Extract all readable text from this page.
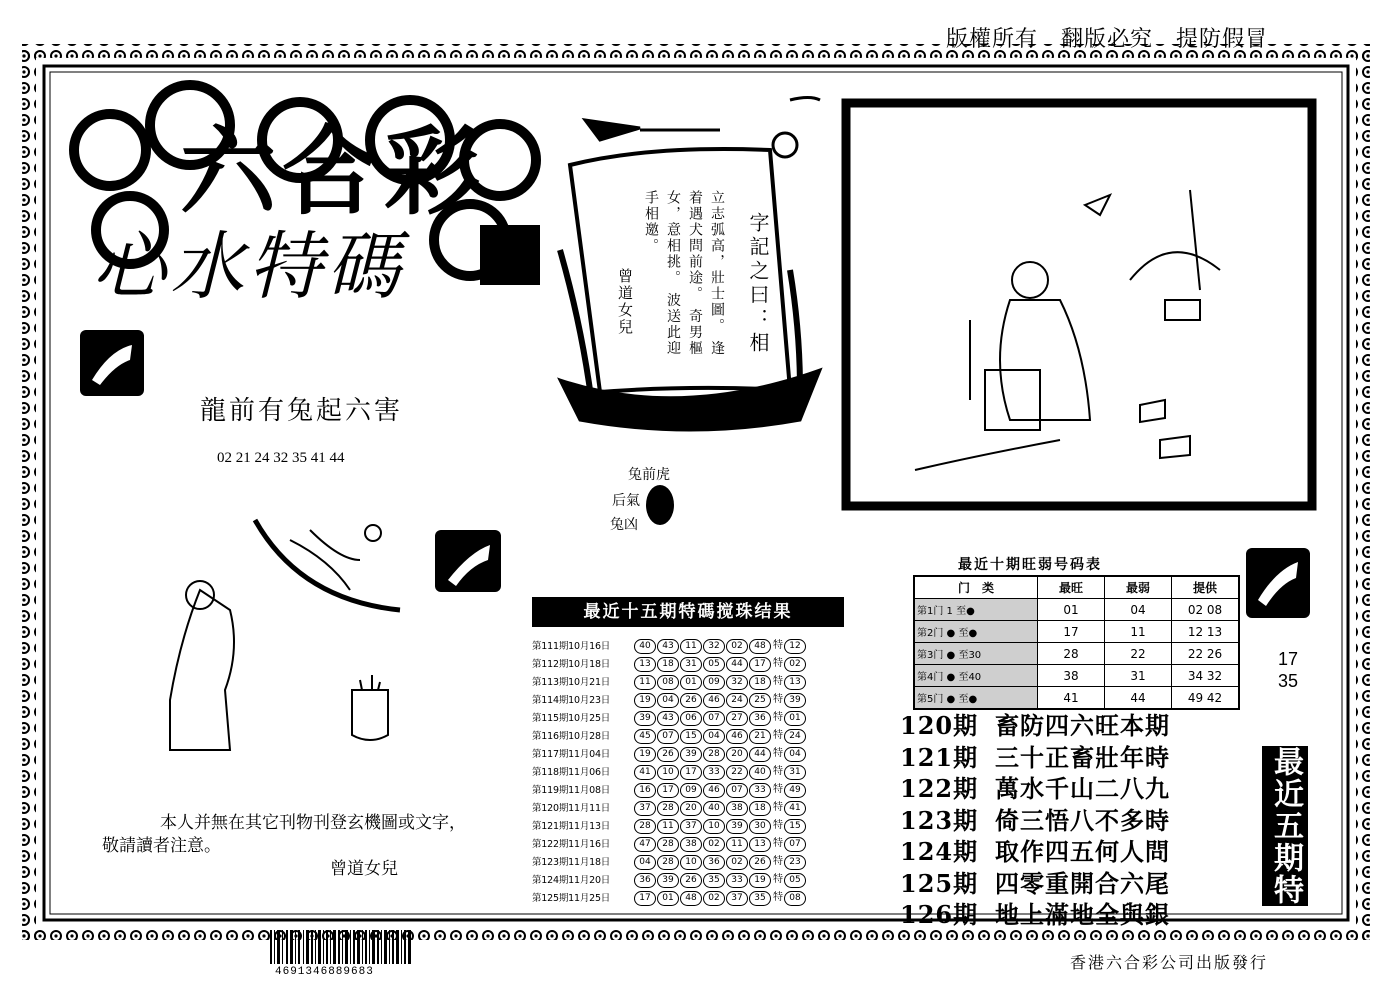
版權所有　翻版必究　提防假冒
六合彩
心水特碼
龍前有兔起六害
02 21 24 32 35 41 44
字記之曰：相
立志弧高，壯士圖。 逢着遇犬問前途。 奇男樞女，意相挑。 波送此迎手相邀。
曾道女兒
兔前虎
后氣
兔凶
本人并無在其它刊物刊登玄機圖或文字，
敬請讀者注意。
曾道女兒
最近十五期特碼搅珠结果
第111期10月16日	40 43 11 32 02 48 特 12
第112期10月18日	13 18 31 05 44 17 特 02
第113期10月21日	11 08 01 09 32 18 特 13
第114期10月23日	19 04 26 46 24 25 特 39
第115期10月25日	39 43 06 07 27 36 特 01
第116期10月28日	45 07 15 04 46 21 特 24
第117期11月04日	19 26 39 28 20 44 特 04
第118期11月06日	41 10 17 33 22 40 特 31
第119期11月08日	16 17 09 46 07 33 特 49
第120期11月11日	37 28 20 40 38 18 特 41
第121期11月13日	28 11 37 10 39 30 特 15
第122期11月16日	47 28 38 02 11 13 特 07
第123期11月18日	04 28 10 36 02 26 特 23
第124期11月20日	36 39 26 35 33 19 特 05
第125期11月25日	17 01 48 02 37 35 特 08
最近十期旺弱号码表
门　类	最旺	最弱	提供
第1门 1 至●	01	04	02 08
第2门 ● 至●	17	11	12 13
第3门 ● 至30	28	22	22 26
第4门 ● 至40	38	31	34 32
第5门 ● 至●	41	44	49 42
120期 畜防四六旺本期
121期 三十正畜壯年時
122期 萬水千山二八九
123期 倚三悟八不多時
124期 取作四五何人問
125期 四零重開合六尾
126期 地上滿地全與銀
17
35
最近五期特码诗
4691346889683	香港六合彩公司出版發行
